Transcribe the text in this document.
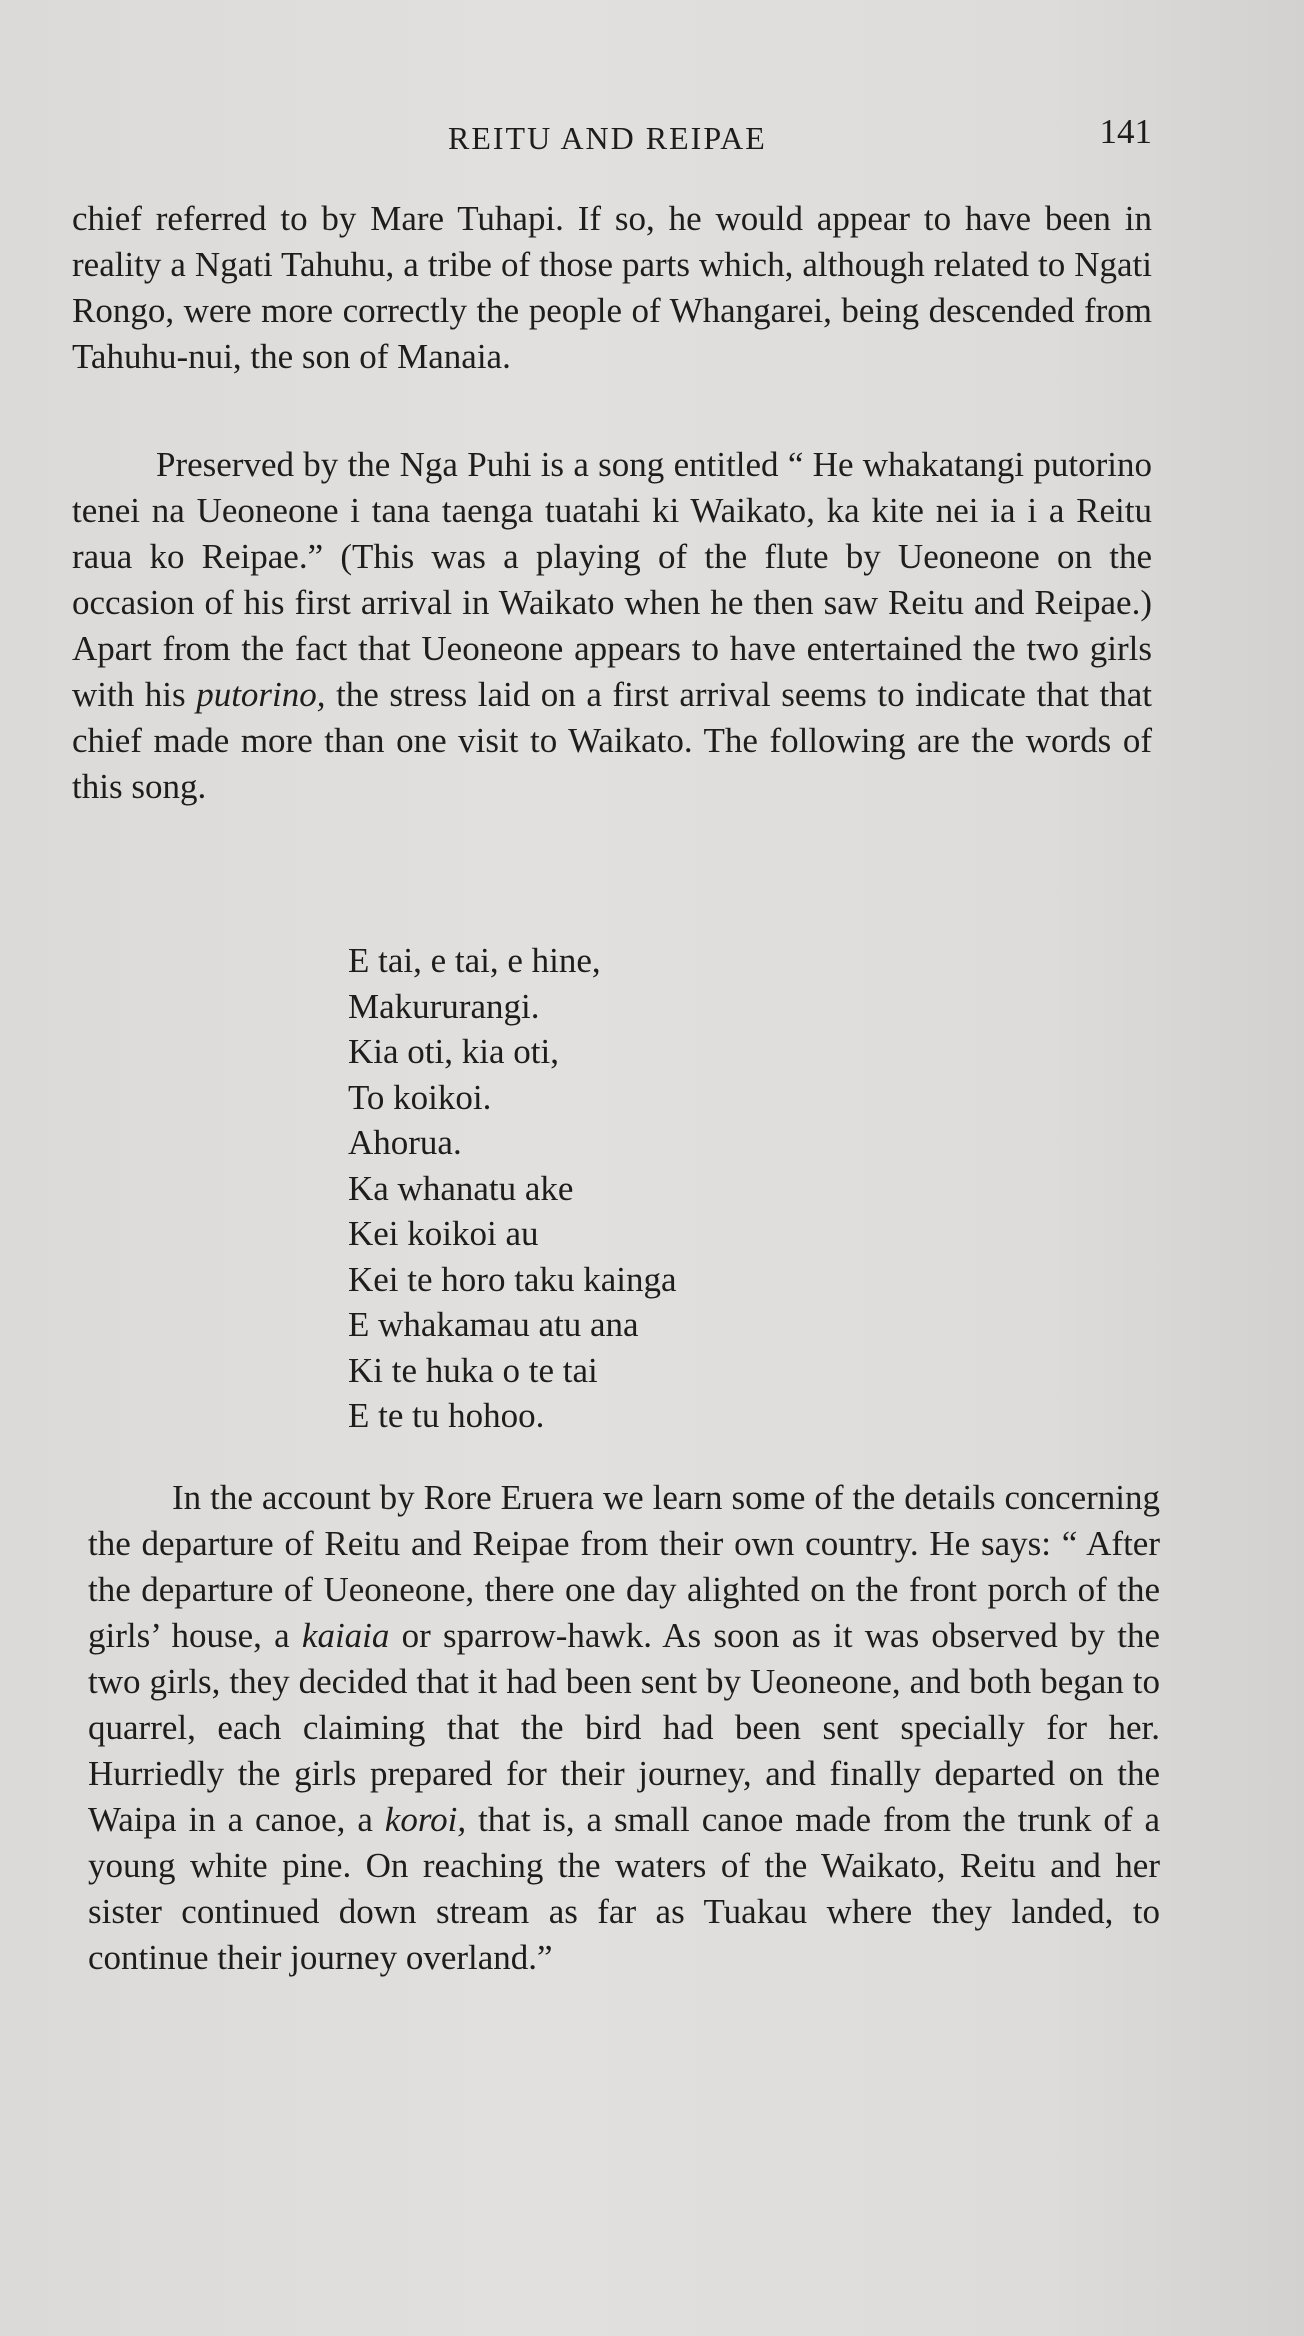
REITU AND REIPAE	141

chief referred to by Mare Tuhapi. If so, he would appear to have been in reality a Ngati Tahuhu, a tribe of those parts which, although related to Ngati Rongo, were more correctly the people of Whangarei, being descended from Tahuhu-nui, the son of Manaia.

Preserved by the Nga Puhi is a song entitled “ He whakatangi putorino tenei na Ueoneone i tana taenga tuatahi ki Waikato, ka kite nei ia i a Reitu raua ko Reipae.” (This was a playing of the flute by Ueoneone on the occasion of his first arrival in Waikato when he then saw Reitu and Reipae.) Apart from the fact that Ueoneone appears to have entertained the two girls with his putorino, the stress laid on a first arrival seems to indicate that that chief made more than one visit to Waikato. The following are the words of this song.

E tai, e tai, e hine,
Makururangi.
Kia oti, kia oti,
To koikoi.
Ahorua.
Ka whanatu ake
Kei koikoi au
Kei te horo taku kainga
E whakamau atu ana
Ki te huka o te tai
E te tu hohoo.

In the account by Rore Eruera we learn some of the details concerning the departure of Reitu and Reipae from their own country. He says: “ After the departure of Ueoneone, there one day alighted on the front porch of the girls’ house, a kaiaia or sparrow-hawk. As soon as it was observed by the two girls, they decided that it had been sent by Ueoneone, and both began to quarrel, each claiming that the bird had been sent specially for her. Hurriedly the girls prepared for their journey, and finally departed on the Waipa in a canoe, a koroi, that is, a small canoe made from the trunk of a young white pine. On reaching the waters of the Waikato, Reitu and her sister continued down stream as far as Tuakau where they landed, to continue their journey overland.”
